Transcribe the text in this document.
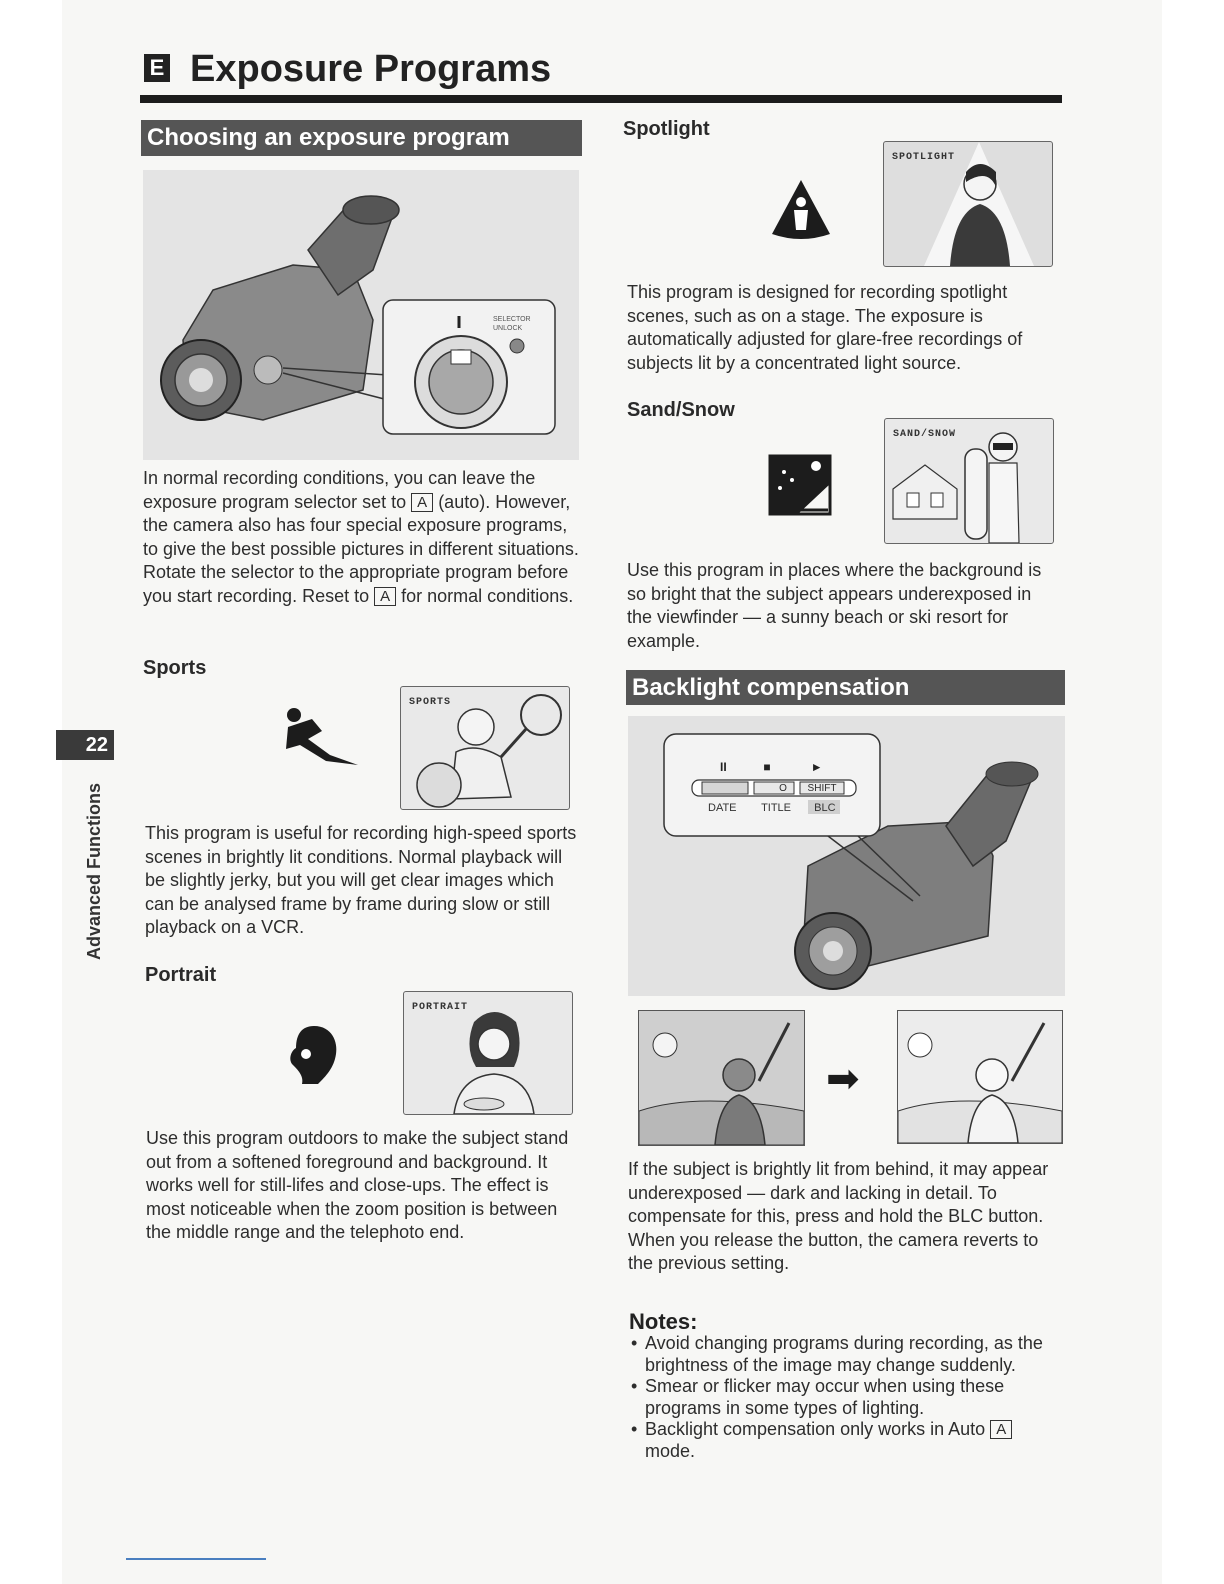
E Exposure Programs
22
Advanced Functions
Choosing an exposure program
SELECTOR UNLOCK
In normal recording conditions, you can leave the exposure program selector set to A (auto). However, the camera also has four special exposure programs, to give the best possible pictures in different situations. Rotate the selector to the appropriate program before you start recording. Reset to A for normal conditions.
Sports
SPORTS
This program is useful for recording high-speed sports scenes in brightly lit conditions. Normal playback will be slightly jerky, but you will get clear images which can be analysed frame by frame during slow or still playback on a VCR.
Portrait
PORTRAIT
Use this program outdoors to make the subject stand out from a softened foreground and background. It works well for still-lifes and close-ups. The effect is most noticeable when the zoom position is between the middle range and the telephoto end.
Spotlight
SPOTLIGHT
This program is designed for recording spotlight scenes, such as on a stage. The exposure is automatically adjusted for glare-free recordings of subjects lit by a concentrated light source.
Sand/Snow
SAND/SNOW
Use this program in places where the background is so bright that the subject appears underexposed in the viewfinder — a sunny beach or ski resort for example.
Backlight compensation
II	■	►
O	SHIFT
DATE TITLE BLC
➡
If the subject is brightly lit from behind, it may appear underexposed — dark and lacking in detail. To compensate for this, press and hold the BLC button. When you release the button, the camera reverts to the previous setting.
Notes:
• Avoid changing programs during recording, as the brightness of the image may change suddenly.
• Smear or flicker may occur when using these programs in some types of lighting.
• Backlight compensation only works in Auto A mode.
